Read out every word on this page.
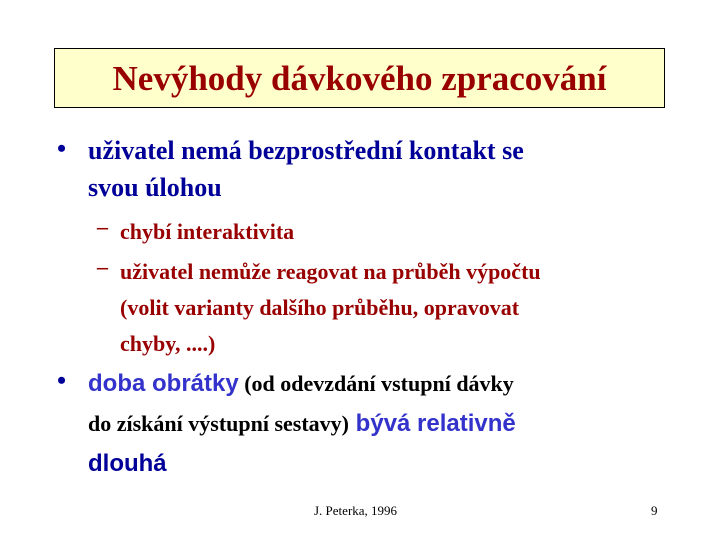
Nevýhody dávkového zpracování
• uživatel nemá bezprostřední kontakt se
svou úlohou
– chybí interaktivita
– uživatel nemůže reagovat na průběh výpočtu
(volit varianty dalšího průběhu, opravovat
chyby, ....)
• doba obrátky (od odevzdání vstupní dávky
do získání výstupní sestavy) bývá relativně
dlouhá
J. Peterka, 1996	9
